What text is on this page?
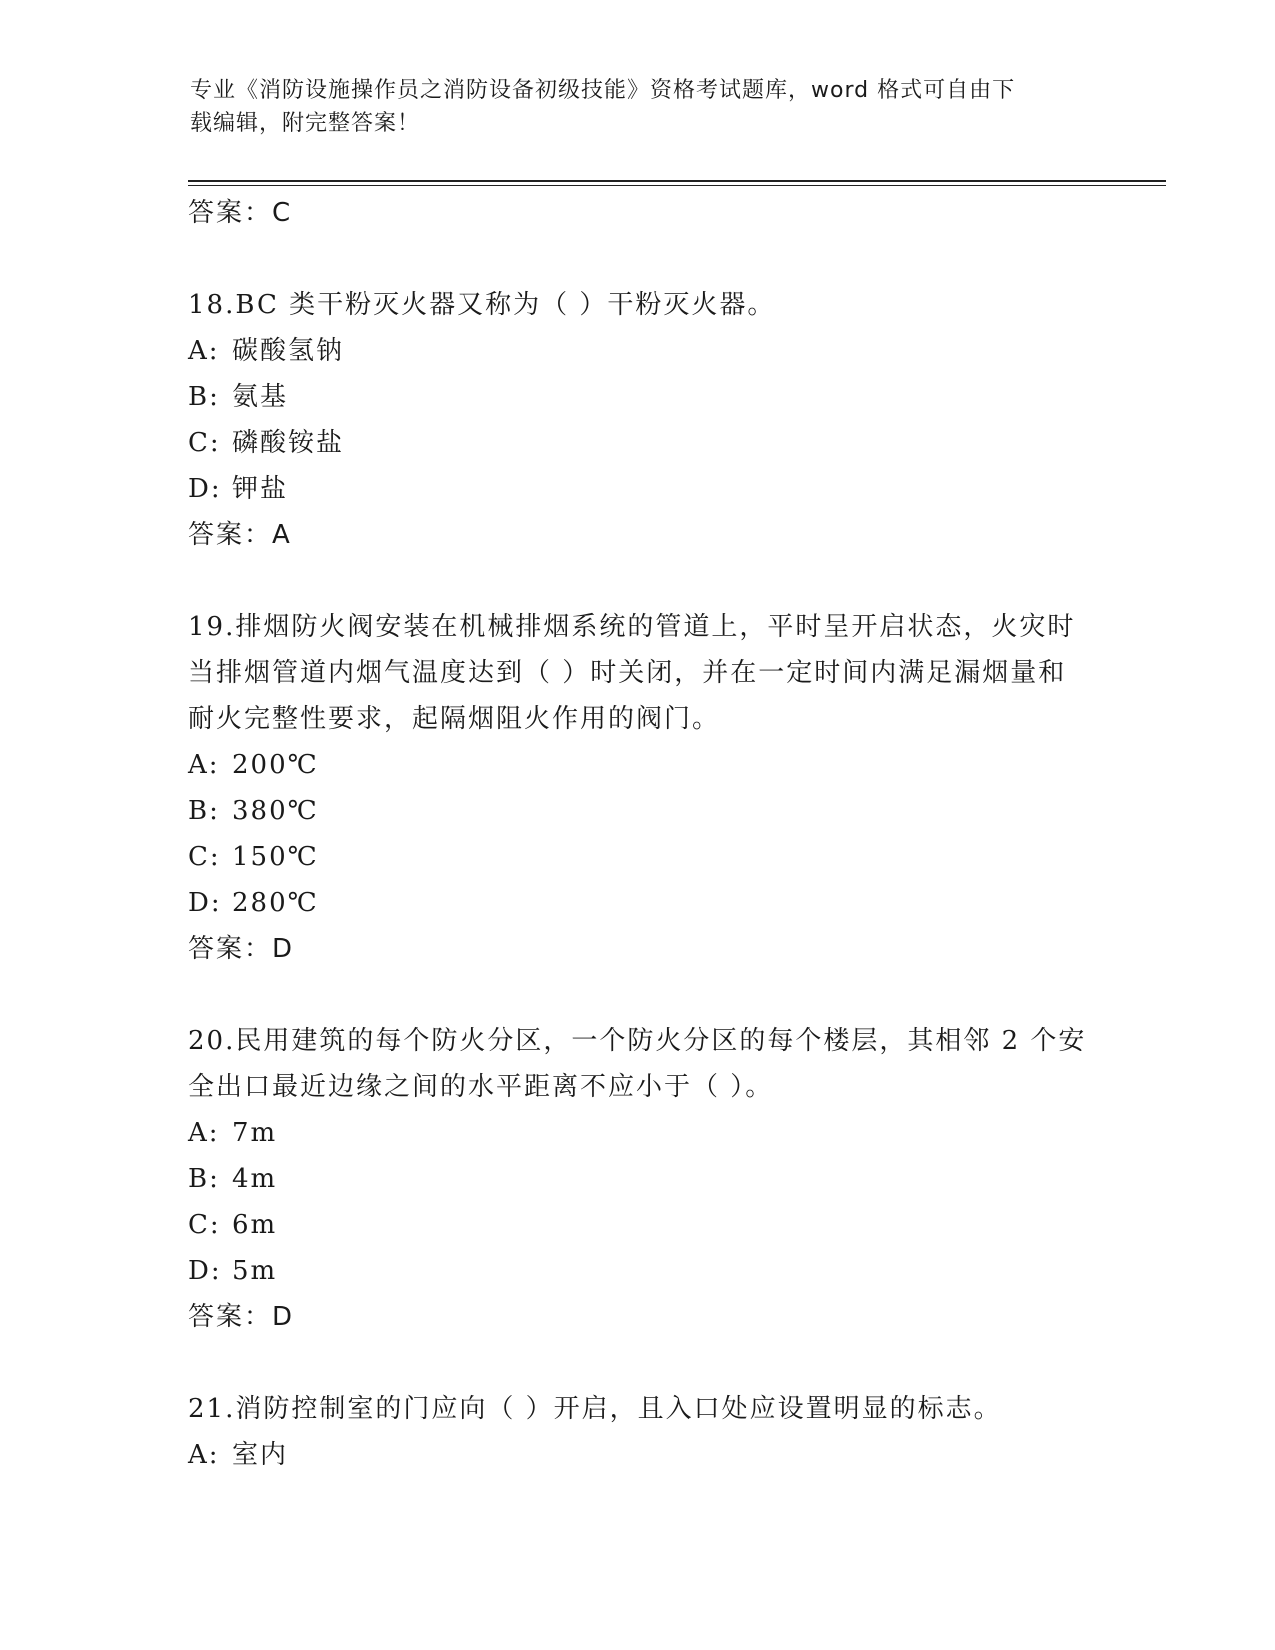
专业《消防设施操作员之消防设备初级技能》资格考试题库，word 格式可自由下
载编辑，附完整答案！
答案：C
18.BC 类干粉灭火器又称为（ ）干粉灭火器。
A: 碳酸氢钠
B: 氨基
C: 磷酸铵盐
D: 钾盐
答案：A
19.排烟防火阀安装在机械排烟系统的管道上，平时呈开启状态，火灾时当排烟管道内烟气温度达到（ ）时关闭，并在一定时间内满足漏烟量和耐火完整性要求，起隔烟阻火作用的阀门。
A: 200℃
B: 380℃
C: 150℃
D: 280℃
答案：D
20.民用建筑的每个防火分区，一个防火分区的每个楼层，其相邻 2 个安全出口最近边缘之间的水平距离不应小于（ ）。
A: 7m
B: 4m
C: 6m
D: 5m
答案：D
21.消防控制室的门应向（ ）开启，且入口处应设置明显的标志。
A: 室内
